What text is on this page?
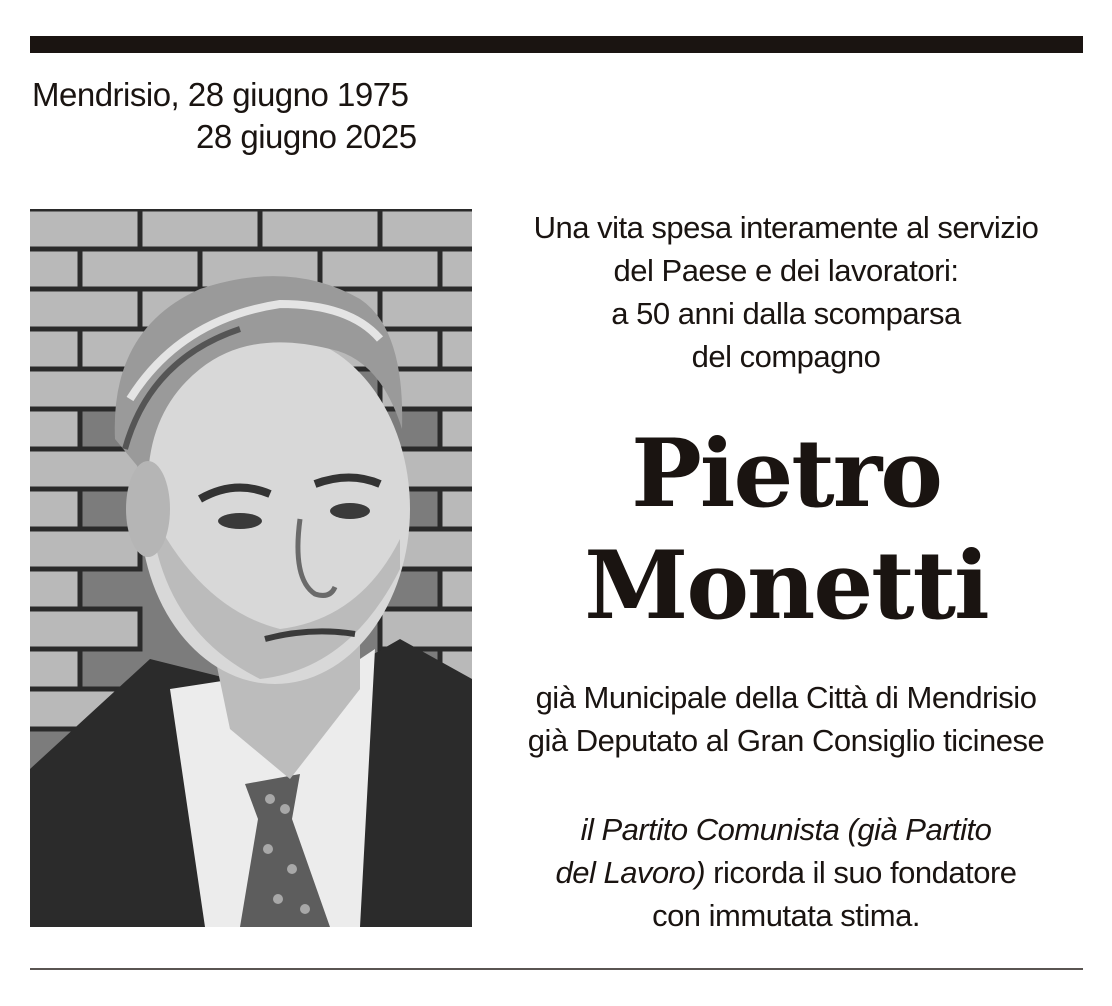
Mendrisio, 28 giugno 1975
28 giugno 2025
Una vita spesa interamente al servizio
del Paese e dei lavoratori:
a 50 anni dalla scomparsa
del compagno
Pietro
Monetti
già Municipale della Città di Mendrisio
già Deputato al Gran Consiglio ticinese
il Partito Comunista (già Partito
del Lavoro) ricorda il suo fondatore
con immutata stima.
